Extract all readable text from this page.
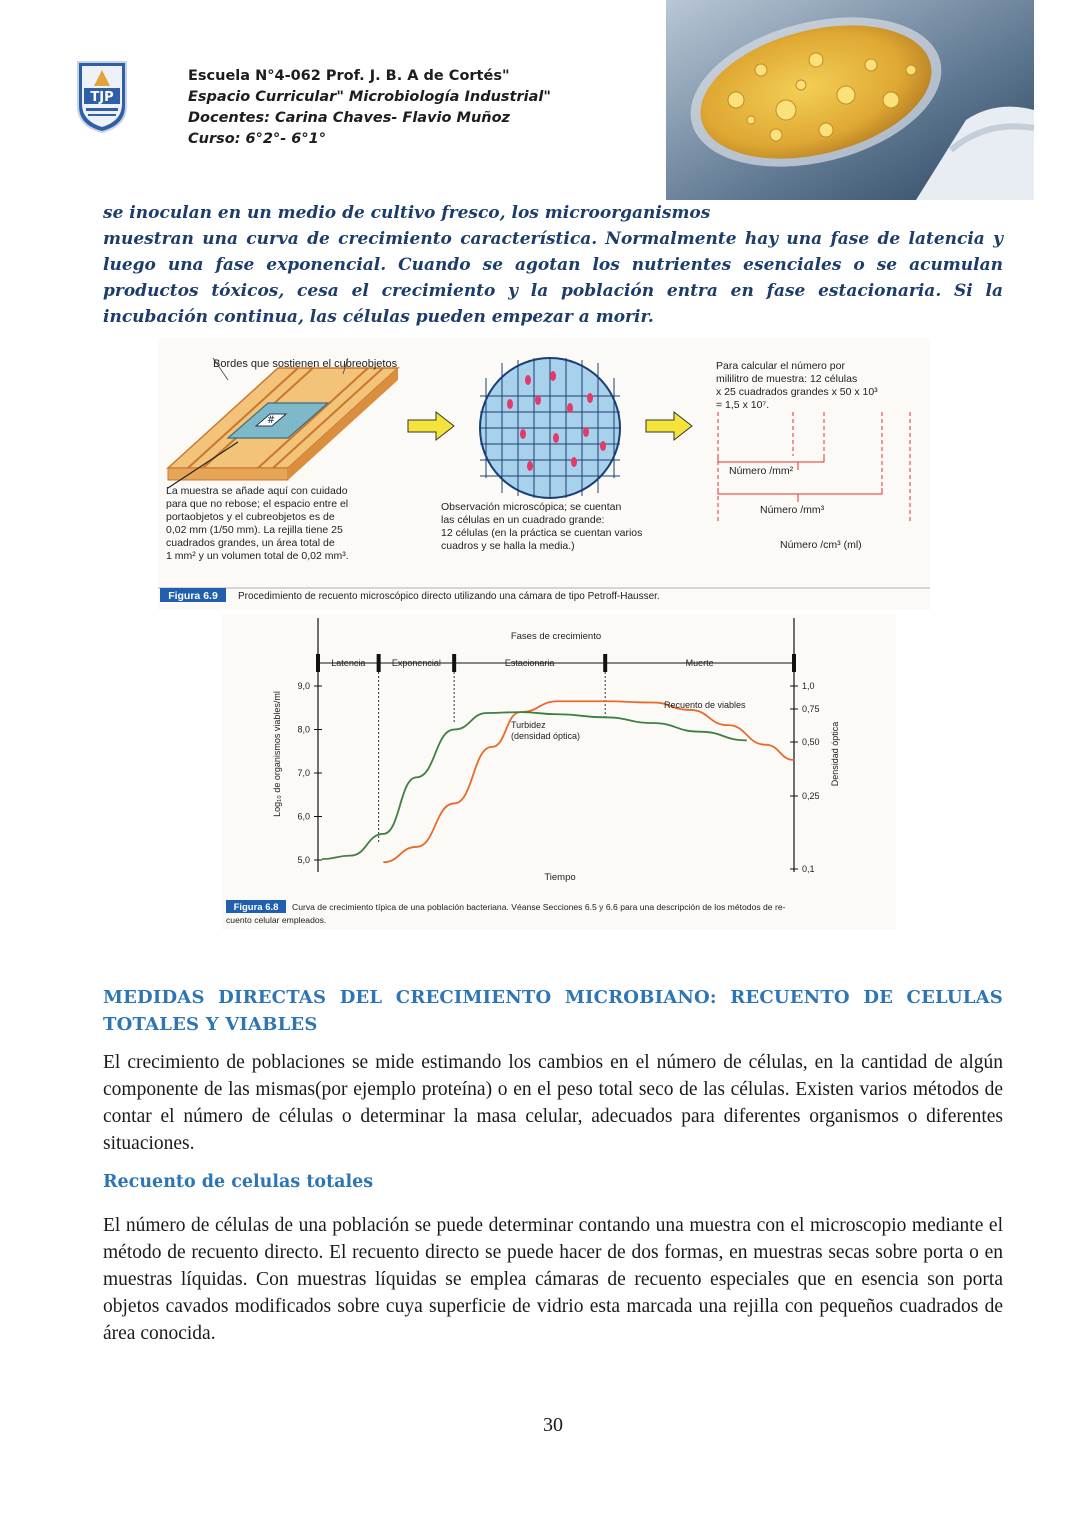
TJP
Escuela N°4-062 Prof. J. B. A de Cortés"
Espacio Curricular" Microbiología Industrial"
Docentes: Carina Chaves- Flavio Muñoz
Curso: 6°2°- 6°1°
se inoculan en un medio de cultivo fresco, los microorganismos
muestran una curva de crecimiento característica. Normalmente hay una fase de latencia y luego una fase exponencial. Cuando se agotan los nutrientes esenciales o se acumulan productos tóxicos, cesa el crecimiento y la población entra en fase estacionaria. Si la incubación continua, las células pueden empezar a morir.
#
Bordes que sostienen el cubreobjetos
La muestra se añade aquí con cuidado
para que no rebose; el espacio entre el
portaobjetos y el cubreobjetos es de
0,02 mm (1/50 mm). La rejilla tiene 25
cuadrados grandes, un área total de
1 mm² y un volumen total de 0,02 mm³.
Observación microscópica; se cuentan
las células en un cuadrado grande:
12 células (en la práctica se cuentan varios
cuadros y se halla la media.)
Para calcular el número por
mililitro de muestra: 12 células
x 25 cuadrados grandes x 50 x 10³
= 1,5 x 10⁷.
Número /mm²
Número /mm³
Número /cm³ (ml)
Figura 6.9 Procedimiento de recuento microscópico directo utilizando una cámara de tipo Petroff-Hausser.
Fases de crecimiento
Latencia	Exponencial	Estacionaria	Muerte
9,0
8,0
7,0
6,0
5,0
1,0
0,75
0,50
0,25
0,1
Log₁₀ de organismos viables/ml	Densidad óptica
Tiempo
Recuento de viables
Turbidez
(densidad óptica)
Figura 6.8 Curva de crecimiento típica de una población bacteriana. Véanse Secciones 6.5 y 6.6 para una descripción de los métodos de re-
cuento celular empleados.
MEDIDAS DIRECTAS DEL CRECIMIENTO MICROBIANO: RECUENTO DE CELULAS TOTALES Y VIABLES

El crecimiento de poblaciones se mide estimando los cambios en el número de células, en la cantidad de algún componente de las mismas(por ejemplo proteína) o en el peso total seco de las células. Existen varios métodos de contar el número de células o determinar la masa celular, adecuados para diferentes organismos o diferentes situaciones.

Recuento de celulas totales

El número de células de una población se puede determinar contando una muestra con el microscopio mediante el método de recuento directo. El recuento directo se puede hacer de dos formas, en muestras secas sobre porta o en muestras líquidas. Con muestras líquidas se emplea cámaras de recuento especiales que en esencia son porta objetos cavados modificados sobre cuya superficie de vidrio esta marcada una rejilla con pequeños cuadrados de área conocida.

30
